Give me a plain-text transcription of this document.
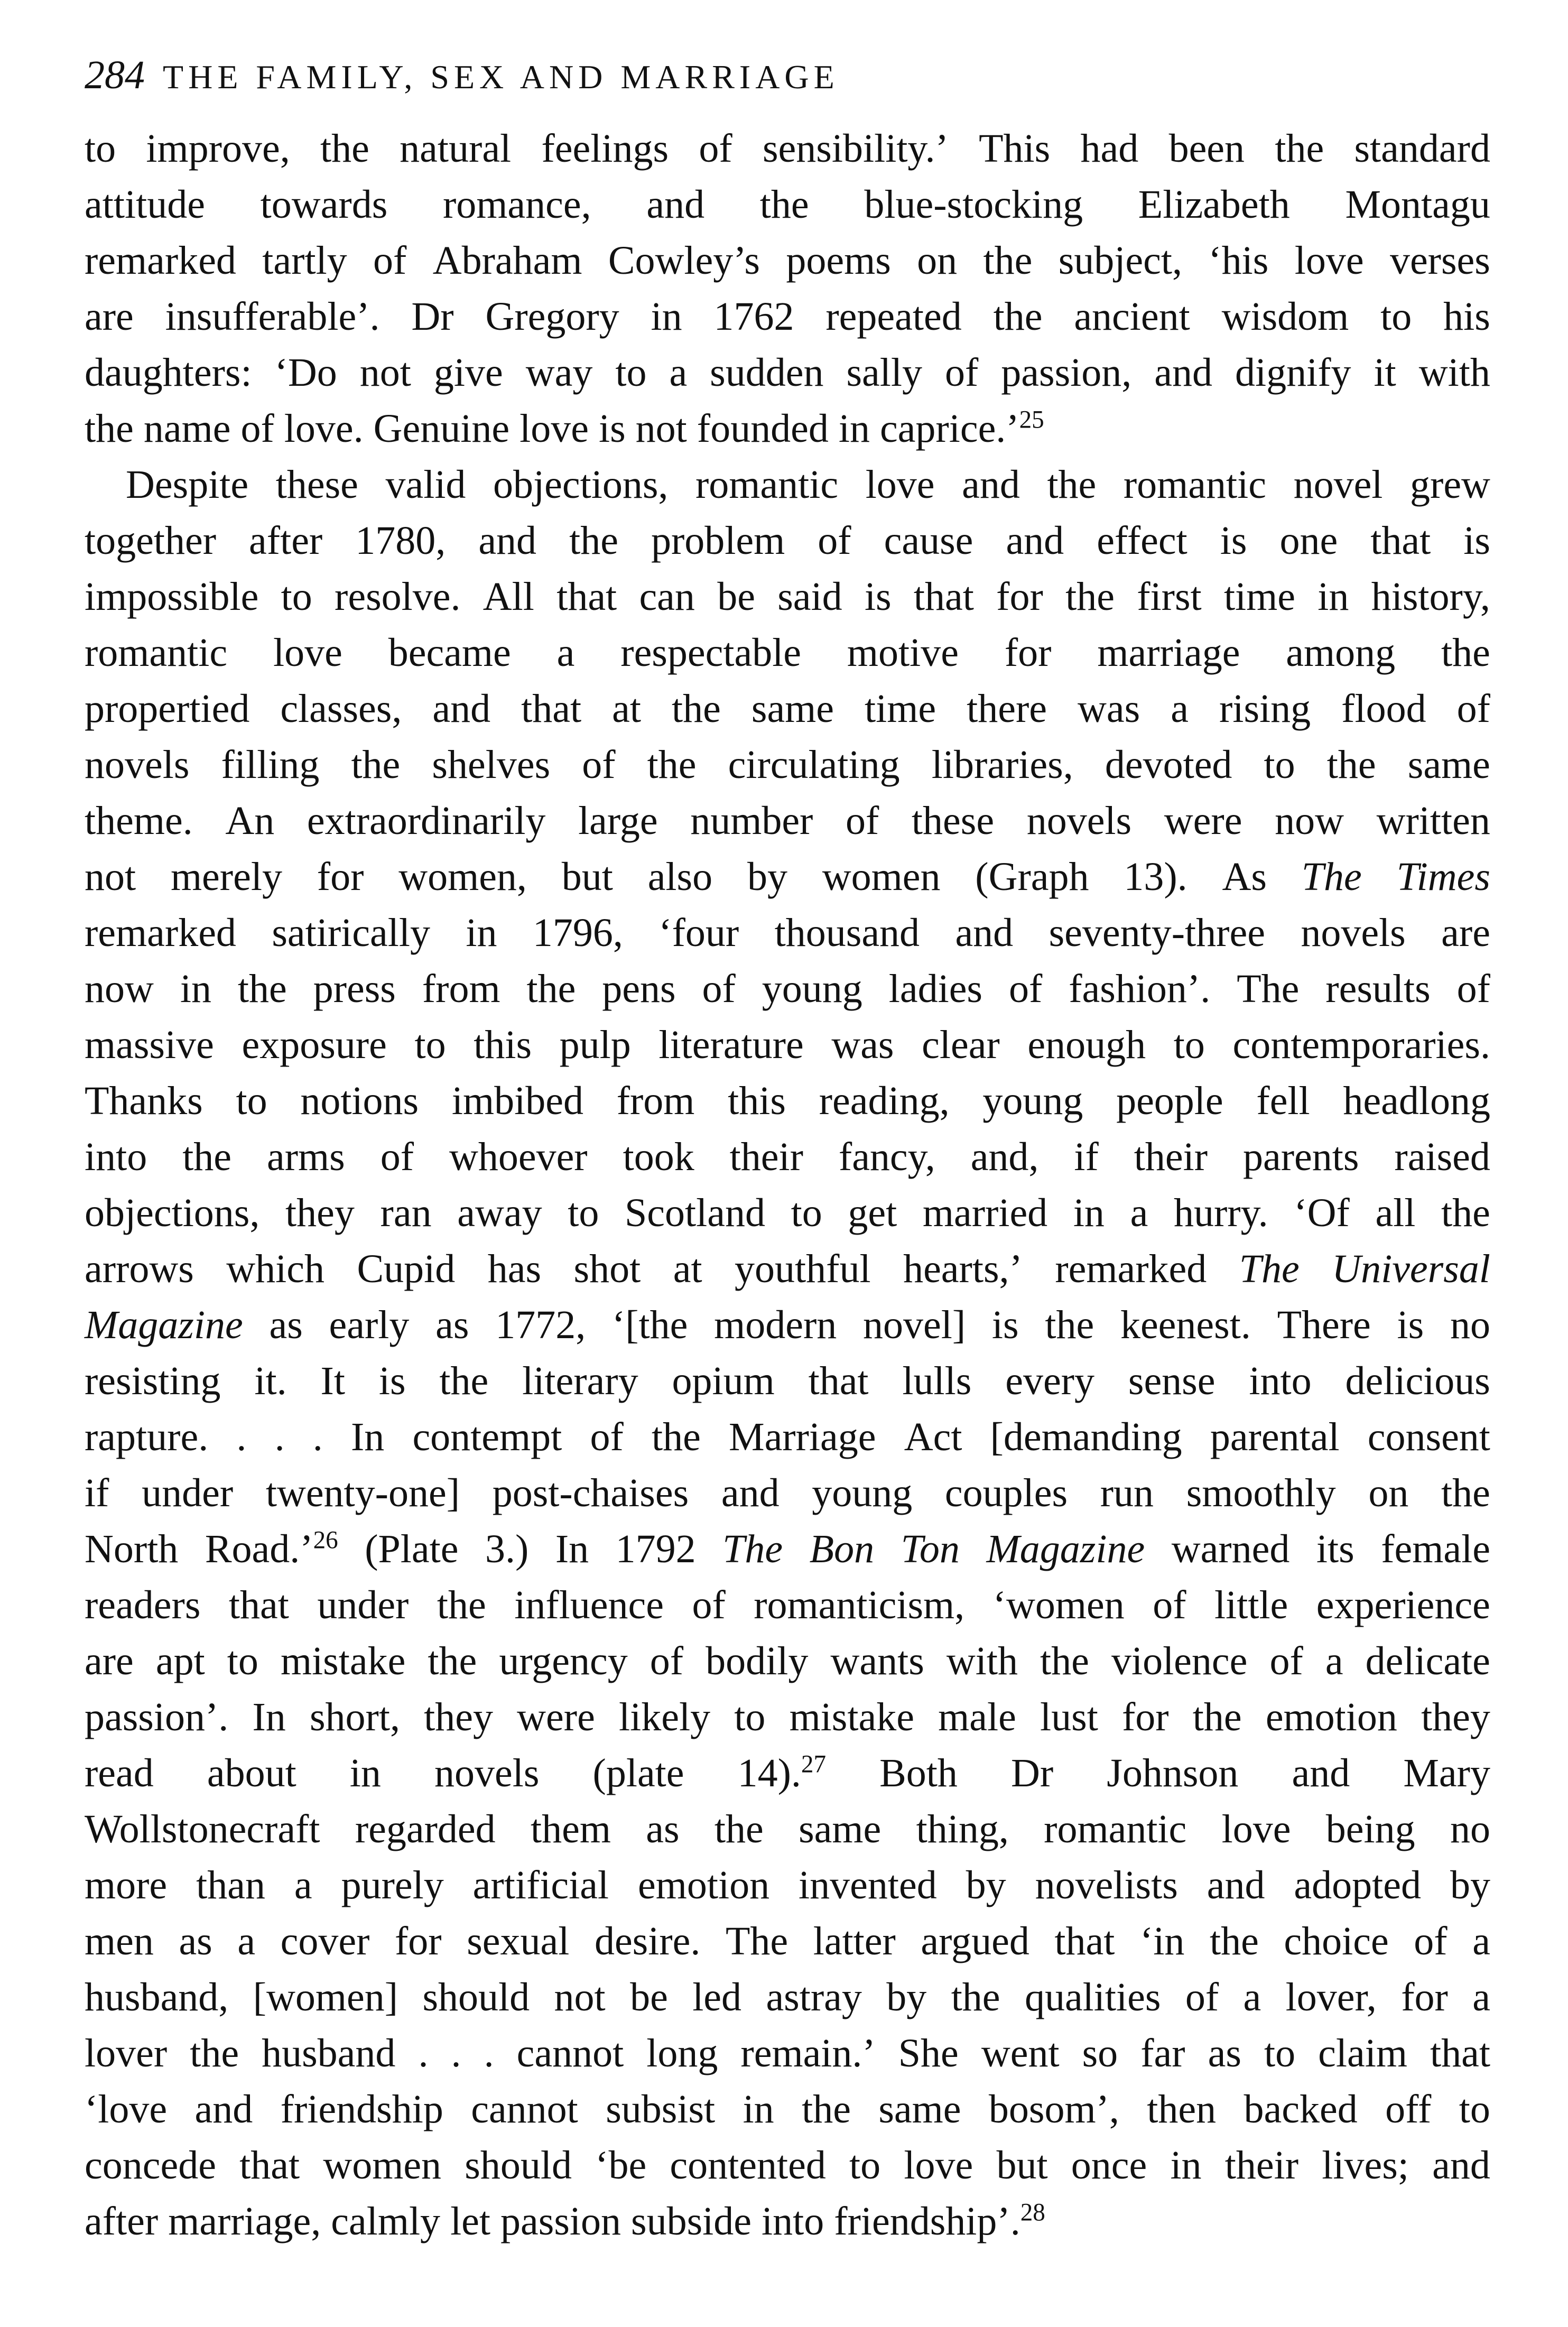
284 THE FAMILY, SEX AND MARRIAGE
to improve, the natural feelings of sensibility.’ This had been the standard
attitude towards romance, and the blue-stocking Elizabeth Montagu
remarked tartly of Abraham Cowley’s poems on the subject, ‘his love verses
are insufferable’. Dr Gregory in 1762 repeated the ancient wisdom to his
daughters: ‘Do not give way to a sudden sally of passion, and dignify it with
the name of love. Genuine love is not founded in caprice.’$^{25}$
Despite these valid objections, romantic love and the romantic novel grew
together after 1780, and the problem of cause and effect is one that is
impossible to resolve. All that can be said is that for the first time in history,
romantic love became a respectable motive for marriage among the
propertied classes, and that at the same time there was a rising flood of
novels filling the shelves of the circulating libraries, devoted to the same
theme. An extraordinarily large number of these novels were now written
not merely for women, but also by women (Graph 13). As The Times
remarked satirically in 1796, ‘four thousand and seventy-three novels are
now in the press from the pens of young ladies of fashion’. The results of
massive exposure to this pulp literature was clear enough to contemporaries.
Thanks to notions imbibed from this reading, young people fell headlong
into the arms of whoever took their fancy, and, if their parents raised
objections, they ran away to Scotland to get married in a hurry. ‘Of all the
arrows which Cupid has shot at youthful hearts,’ remarked The Universal
Magazine as early as 1772, ‘[the modern novel] is the keenest. There is no
resisting it. It is the literary opium that lulls every sense into delicious
rapture. . . . In contempt of the Marriage Act [demanding parental consent
if under twenty-one] post-chaises and young couples run smoothly on the
North Road.’$^{26}$ (Plate 3.) In 1792 The Bon Ton Magazine warned its female
readers that under the influence of romanticism, ‘women of little experience
are apt to mistake the urgency of bodily wants with the violence of a delicate
passion’. In short, they were likely to mistake male lust for the emotion they
read about in novels (plate 14).$^{27}$ Both Dr Johnson and Mary
Wollstonecraft regarded them as the same thing, romantic love being no
more than a purely artificial emotion invented by novelists and adopted by
men as a cover for sexual desire. The latter argued that ‘in the choice of a
husband, [women] should not be led astray by the qualities of a lover, for a
lover the husband . . . cannot long remain.’ She went so far as to claim that
‘love and friendship cannot subsist in the same bosom’, then backed off to
concede that women should ‘be contented to love but once in their lives; and
after marriage, calmly let passion subside into friendship’.$^{28}$
